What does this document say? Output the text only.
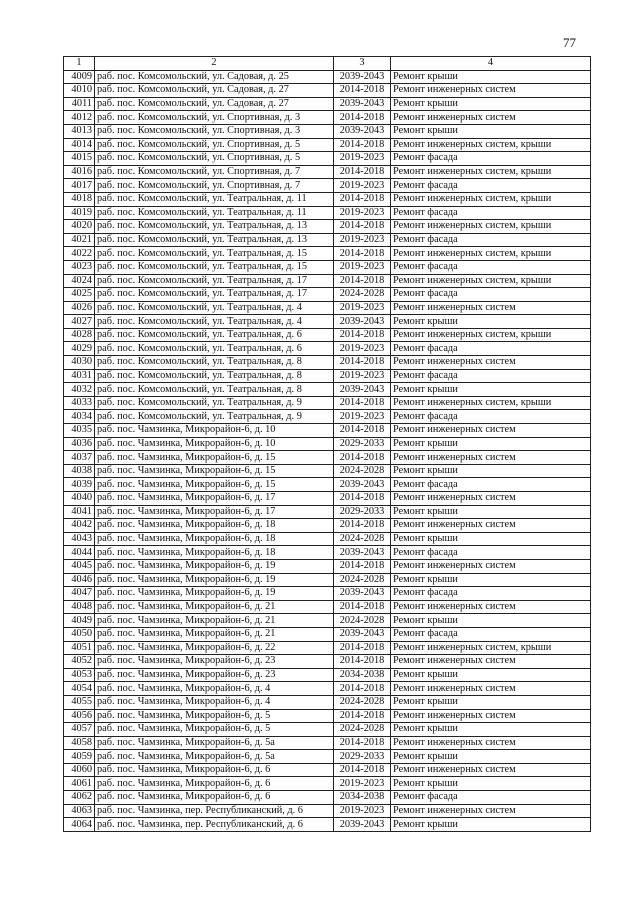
77
1	2	3	4
4009	раб. пос. Комсомольский, ул. Садовая, д. 25	2039-2043	Ремонт крыши
4010	раб. пос. Комсомольский, ул. Садовая, д. 27	2014-2018	Ремонт инженерных систем
4011	раб. пос. Комсомольский, ул. Садовая, д. 27	2039-2043	Ремонт крыши
4012	раб. пос. Комсомольский, ул. Спортивная, д. 3	2014-2018	Ремонт инженерных систем
4013	раб. пос. Комсомольский, ул. Спортивная, д. 3	2039-2043	Ремонт крыши
4014	раб. пос. Комсомольский, ул. Спортивная, д. 5	2014-2018	Ремонт инженерных систем, крыши
4015	раб. пос. Комсомольский, ул. Спортивная, д. 5	2019-2023	Ремонт фасада
4016	раб. пос. Комсомольский, ул. Спортивная, д. 7	2014-2018	Ремонт инженерных систем, крыши
4017	раб. пос. Комсомольский, ул. Спортивная, д. 7	2019-2023	Ремонт фасада
4018	раб. пос. Комсомольский, ул. Театральная, д. 11	2014-2018	Ремонт инженерных систем, крыши
4019	раб. пос. Комсомольский, ул. Театральная, д. 11	2019-2023	Ремонт фасада
4020	раб. пос. Комсомольский, ул. Театральная, д. 13	2014-2018	Ремонт инженерных систем, крыши
4021	раб. пос. Комсомольский, ул. Театральная, д. 13	2019-2023	Ремонт фасада
4022	раб. пос. Комсомольский, ул. Театральная, д. 15	2014-2018	Ремонт инженерных систем, крыши
4023	раб. пос. Комсомольский, ул. Театральная, д. 15	2019-2023	Ремонт фасада
4024	раб. пос. Комсомольский, ул. Театральная, д. 17	2014-2018	Ремонт инженерных систем, крыши
4025	раб. пос. Комсомольский, ул. Театральная, д. 17	2024-2028	Ремонт фасада
4026	раб. пос. Комсомольский, ул. Театральная, д. 4	2019-2023	Ремонт инженерных систем
4027	раб. пос. Комсомольский, ул. Театральная, д. 4	2039-2043	Ремонт крыши
4028	раб. пос. Комсомольский, ул. Театральная, д. 6	2014-2018	Ремонт инженерных систем, крыши
4029	раб. пос. Комсомольский, ул. Театральная, д. 6	2019-2023	Ремонт фасада
4030	раб. пос. Комсомольский, ул. Театральная, д. 8	2014-2018	Ремонт инженерных систем
4031	раб. пос. Комсомольский, ул. Театральная, д. 8	2019-2023	Ремонт фасада
4032	раб. пос. Комсомольский, ул. Театральная, д. 8	2039-2043	Ремонт крыши
4033	раб. пос. Комсомольский, ул. Театральная, д. 9	2014-2018	Ремонт инженерных систем, крыши
4034	раб. пос. Комсомольский, ул. Театральная, д. 9	2019-2023	Ремонт фасада
4035	раб. пос. Чамзинка, Микрорайон-6, д. 10	2014-2018	Ремонт инженерных систем
4036	раб. пос. Чамзинка, Микрорайон-6, д. 10	2029-2033	Ремонт крыши
4037	раб. пос. Чамзинка, Микрорайон-6, д. 15	2014-2018	Ремонт инженерных систем
4038	раб. пос. Чамзинка, Микрорайон-6, д. 15	2024-2028	Ремонт крыши
4039	раб. пос. Чамзинка, Микрорайон-6, д. 15	2039-2043	Ремонт фасада
4040	раб. пос. Чамзинка, Микрорайон-6, д. 17	2014-2018	Ремонт инженерных систем
4041	раб. пос. Чамзинка, Микрорайон-6, д. 17	2029-2033	Ремонт крыши
4042	раб. пос. Чамзинка, Микрорайон-6, д. 18	2014-2018	Ремонт инженерных систем
4043	раб. пос. Чамзинка, Микрорайон-6, д. 18	2024-2028	Ремонт крыши
4044	раб. пос. Чамзинка, Микрорайон-6, д. 18	2039-2043	Ремонт фасада
4045	раб. пос. Чамзинка, Микрорайон-6, д. 19	2014-2018	Ремонт инженерных систем
4046	раб. пос. Чамзинка, Микрорайон-6, д. 19	2024-2028	Ремонт крыши
4047	раб. пос. Чамзинка, Микрорайон-6, д. 19	2039-2043	Ремонт фасада
4048	раб. пос. Чамзинка, Микрорайон-6, д. 21	2014-2018	Ремонт инженерных систем
4049	раб. пос. Чамзинка, Микрорайон-6, д. 21	2024-2028	Ремонт крыши
4050	раб. пос. Чамзинка, Микрорайон-6, д. 21	2039-2043	Ремонт фасада
4051	раб. пос. Чамзинка, Микрорайон-6, д. 22	2014-2018	Ремонт инженерных систем, крыши
4052	раб. пос. Чамзинка, Микрорайон-6, д. 23	2014-2018	Ремонт инженерных систем
4053	раб. пос. Чамзинка, Микрорайон-6, д. 23	2034-2038	Ремонт крыши
4054	раб. пос. Чамзинка, Микрорайон-6, д. 4	2014-2018	Ремонт инженерных систем
4055	раб. пос. Чамзинка, Микрорайон-6, д. 4	2024-2028	Ремонт крыши
4056	раб. пос. Чамзинка, Микрорайон-6, д. 5	2014-2018	Ремонт инженерных систем
4057	раб. пос. Чамзинка, Микрорайон-6, д. 5	2024-2028	Ремонт крыши
4058	раб. пос. Чамзинка, Микрорайон-6, д. 5а	2014-2018	Ремонт инженерных систем
4059	раб. пос. Чамзинка, Микрорайон-6, д. 5а	2029-2033	Ремонт крыши
4060	раб. пос. Чамзинка, Микрорайон-6, д. 6	2014-2018	Ремонт инженерных систем
4061	раб. пос. Чамзинка, Микрорайон-6, д. 6	2019-2023	Ремонт крыши
4062	раб. пос. Чамзинка, Микрорайон-6, д. 6	2034-2038	Ремонт фасада
4063	раб. пос. Чамзинка, пер. Республиканский, д. 6	2019-2023	Ремонт инженерных систем
4064	раб. пос. Чамзинка, пер. Республиканский, д. 6	2039-2043	Ремонт крыши
